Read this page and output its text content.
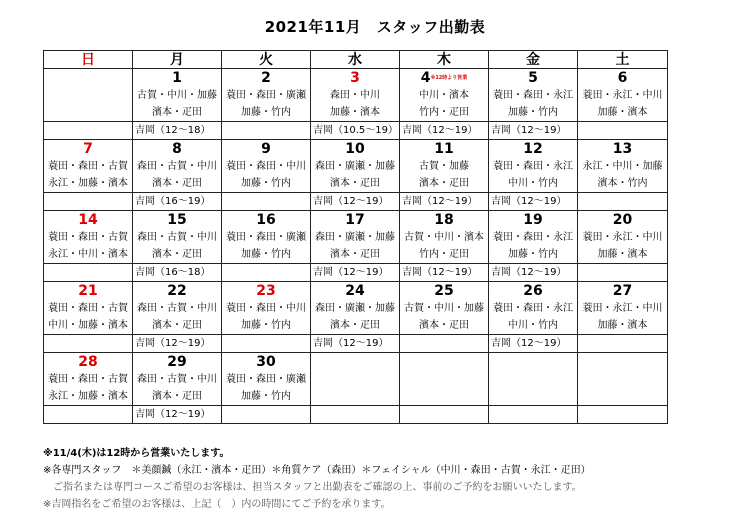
2021年11月　スタッフ出勤表
日	月	火	水	木	金	土
	1	2	3	4$^{※12時より営業}$	5	6
	古賀・中川・加藤	蓑田・森田・廣瀬	森田・中川	中川・濱本	蓑田・森田・永江	蓑田・永江・中川
	濱本・疋田	加藤・竹内	加藤・濱本	竹内・疋田	加藤・竹内	加藤・濱本
	吉岡（12～18）		吉岡（10.5～19）	吉岡（12～19）	吉岡（12～19）	
7	8	9	10	11	12	13
蓑田・森田・古賀	森田・古賀・中川	蓑田・森田・中川	森田・廣瀬・加藤	古賀・加藤	蓑田・森田・永江	永江・中川・加藤
永江・加藤・濱本	濱本・疋田	加藤・竹内	濱本・疋田	濱本・疋田	中川・竹内	濱本・竹内
	吉岡（16～19）		吉岡（12～19）	吉岡（12～19）	吉岡（12～19）	
14	15	16	17	18	19	20
蓑田・森田・古賀	森田・古賀・中川	蓑田・森田・廣瀬	森田・廣瀬・加藤	古賀・中川・濱本	蓑田・森田・永江	蓑田・永江・中川
永江・中川・濱本	濱本・疋田	加藤・竹内	濱本・疋田	竹内・疋田	加藤・竹内	加藤・濱本
	吉岡（16～18）		吉岡（12～19）	吉岡（12～19）	吉岡（12～19）	
21	22	23	24	25	26	27
蓑田・森田・古賀	森田・古賀・中川	蓑田・森田・中川	森田・廣瀬・加藤	古賀・中川・加藤	蓑田・森田・永江	蓑田・永江・中川
中川・加藤・濱本	濱本・疋田	加藤・竹内	濱本・疋田	濱本・疋田	中川・竹内	加藤・濱本
	吉岡（12～19）		吉岡（12～19）		吉岡（12～19）	
28	29	30				
蓑田・森田・古賀	森田・古賀・中川	蓑田・森田・廣瀬				
永江・加藤・濱本	濱本・疋田	加藤・竹内				
	吉岡（12～19）					
※11/4(木)は12時から営業いたします。
※各専門スタッフ　＊美顔鍼（永江・濱本・疋田）＊角質ケア（森田）＊フェイシャル（中川・森田・古賀・永江・疋田）
　ご指名または専門コースご希望のお客様は、担当スタッフと出勤表をご確認の上、事前のご予約をお願いいたします。
※吉岡指名をご希望のお客様は、上記（　）内の時間にてご予約を承ります。
